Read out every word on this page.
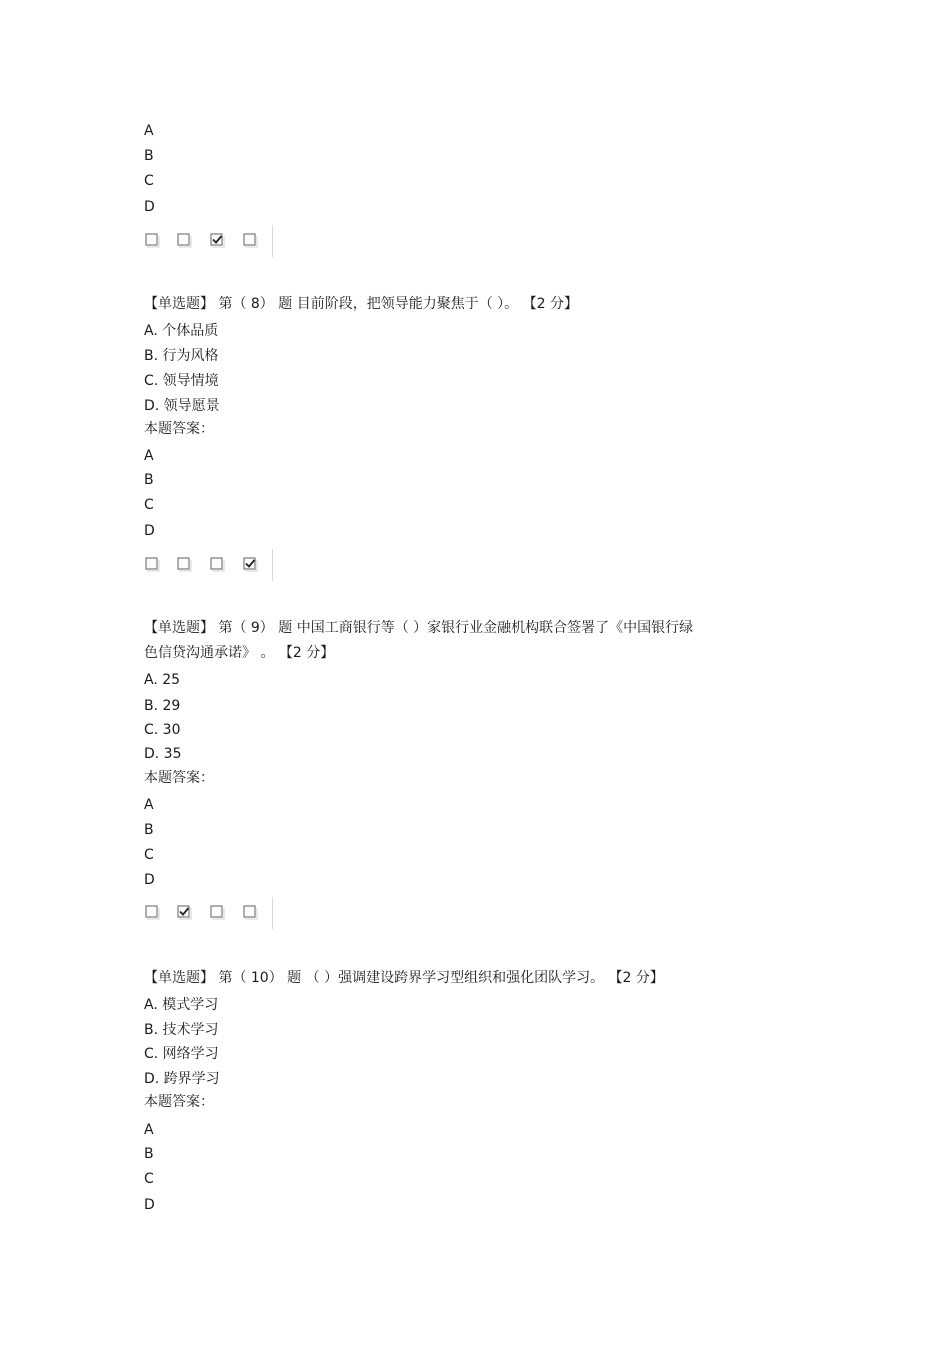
A
B
C
D
【单选题】 第（ 8） 题 目前阶段，把领导能力聚焦于（ ）。 【2 分】
A. 个体品质
B. 行为风格
C. 领导情境
D. 领导愿景
本题答案：
A
B
C
D
【单选题】 第（ 9） 题 中国工商银行等（ ）家银行业金融机构联合签署了《中国银行绿
色信贷沟通承诺》 。 【2 分】
A. 25
B. 29
C. 30
D. 35
本题答案：
A
B
C
D
【单选题】 第（ 10） 题 （ ）强调建设跨界学习型组织和强化团队学习。 【2 分】
A. 模式学习
B. 技术学习
C. 网络学习
D. 跨界学习
本题答案：
A
B
C
D
